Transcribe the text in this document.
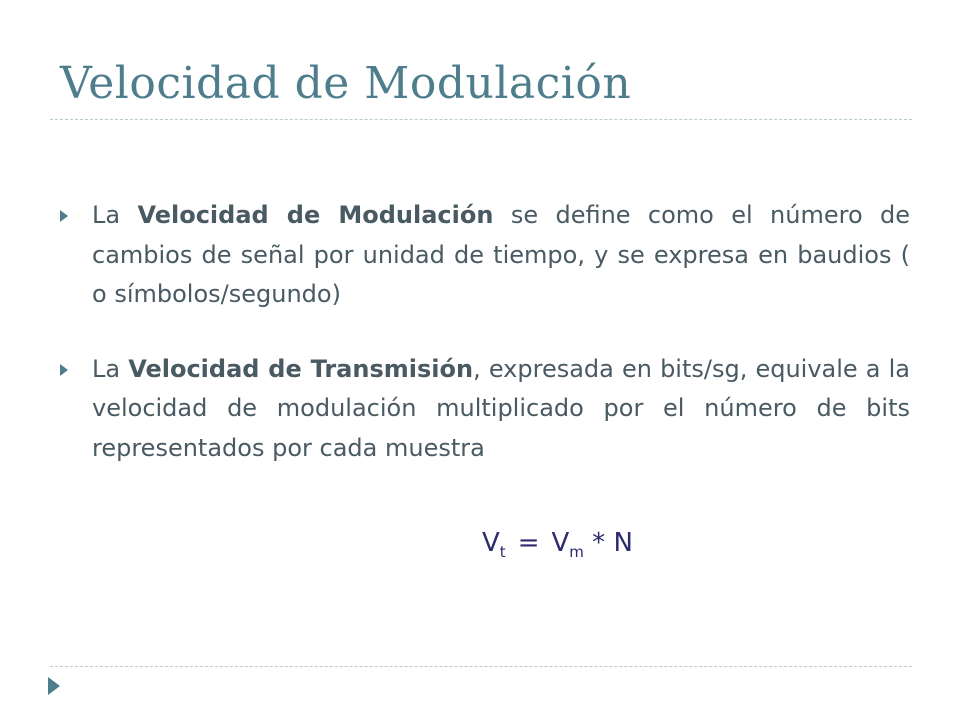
Velocidad de Modulación
La Velocidad de Modulación se define como el número de cambios de señal por unidad de tiempo, y se expresa en baudios ( o símbolos/segundo)
La Velocidad de Transmisión, expresada en bits/sg, equivale a la velocidad de modulación multiplicado por el número de bits representados por cada muestra
$V_t = V_m * N$
